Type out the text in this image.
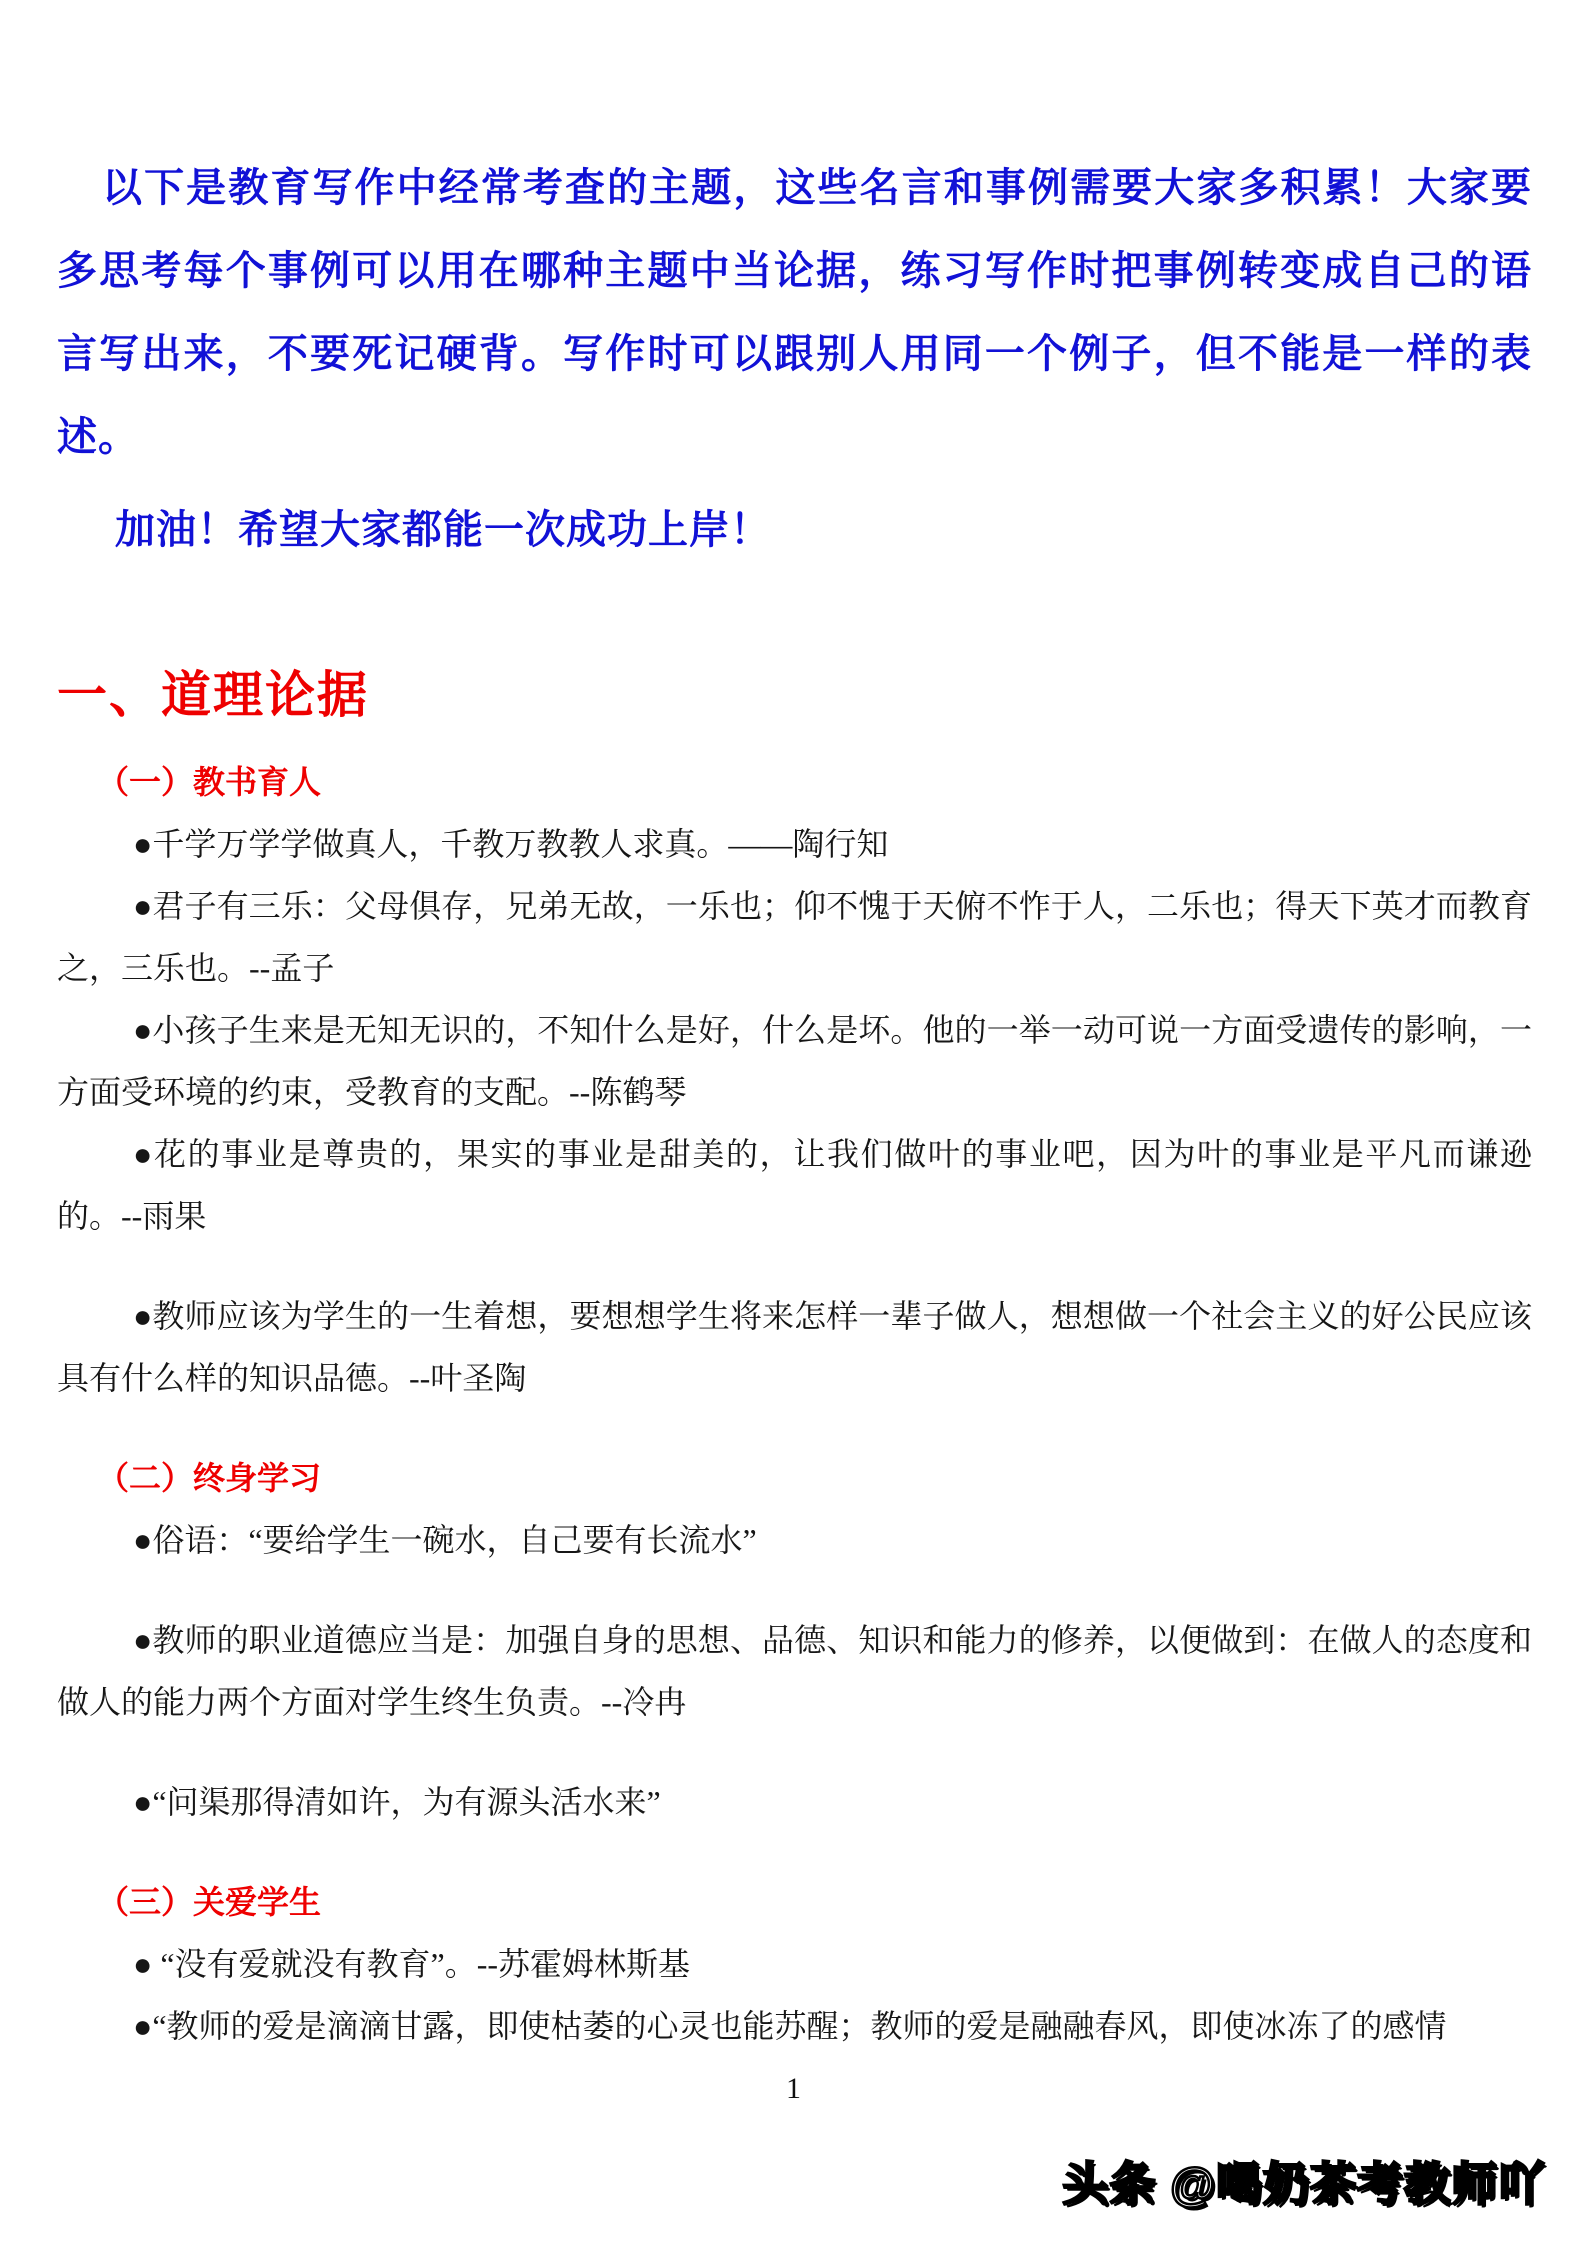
以下是教育写作中经常考查的主题，这些名言和事例需要大家多积累！大家要多思考每个事例可以用在哪种主题中当论据，练习写作时把事例转变成自己的语言写出来，不要死记硬背。写作时可以跟别人用同一个例子，但不能是一样的表述。

加油！希望大家都能一次成功上岸！

一、道理论据
（一）教书育人

●千学万学学做真人，千教万教教人求真。——陶行知

●君子有三乐：父母俱存，兄弟无故，一乐也；仰不愧于天俯不怍于人，二乐也；得天下英才而教育之，三乐也。--孟子

●小孩子生来是无知无识的，不知什么是好，什么是坏。他的一举一动可说一方面受遗传的影响，一方面受环境的约束，受教育的支配。--陈鹤琴

●花的事业是尊贵的，果实的事业是甜美的，让我们做叶的事业吧，因为叶的事业是平凡而谦逊的。--雨果

●教师应该为学生的一生着想，要想想学生将来怎样一辈子做人，想想做一个社会主义的好公民应该具有什么样的知识品德。--叶圣陶

（二）终身学习

●俗语：“要给学生一碗水，自己要有长流水”

●教师的职业道德应当是：加强自身的思想、品德、知识和能力的修养，以便做到：在做人的态度和做人的能力两个方面对学生终生负责。--冷冉

●“问渠那得清如许，为有源头活水来”

（三）关爱学生

● “没有爱就没有教育”。--苏霍姆林斯基

●“教师的爱是滴滴甘露，即使枯萎的心灵也能苏醒；教师的爱是融融春风，即使冰冻了的感情

1
头条 @喝奶茶考教师吖
